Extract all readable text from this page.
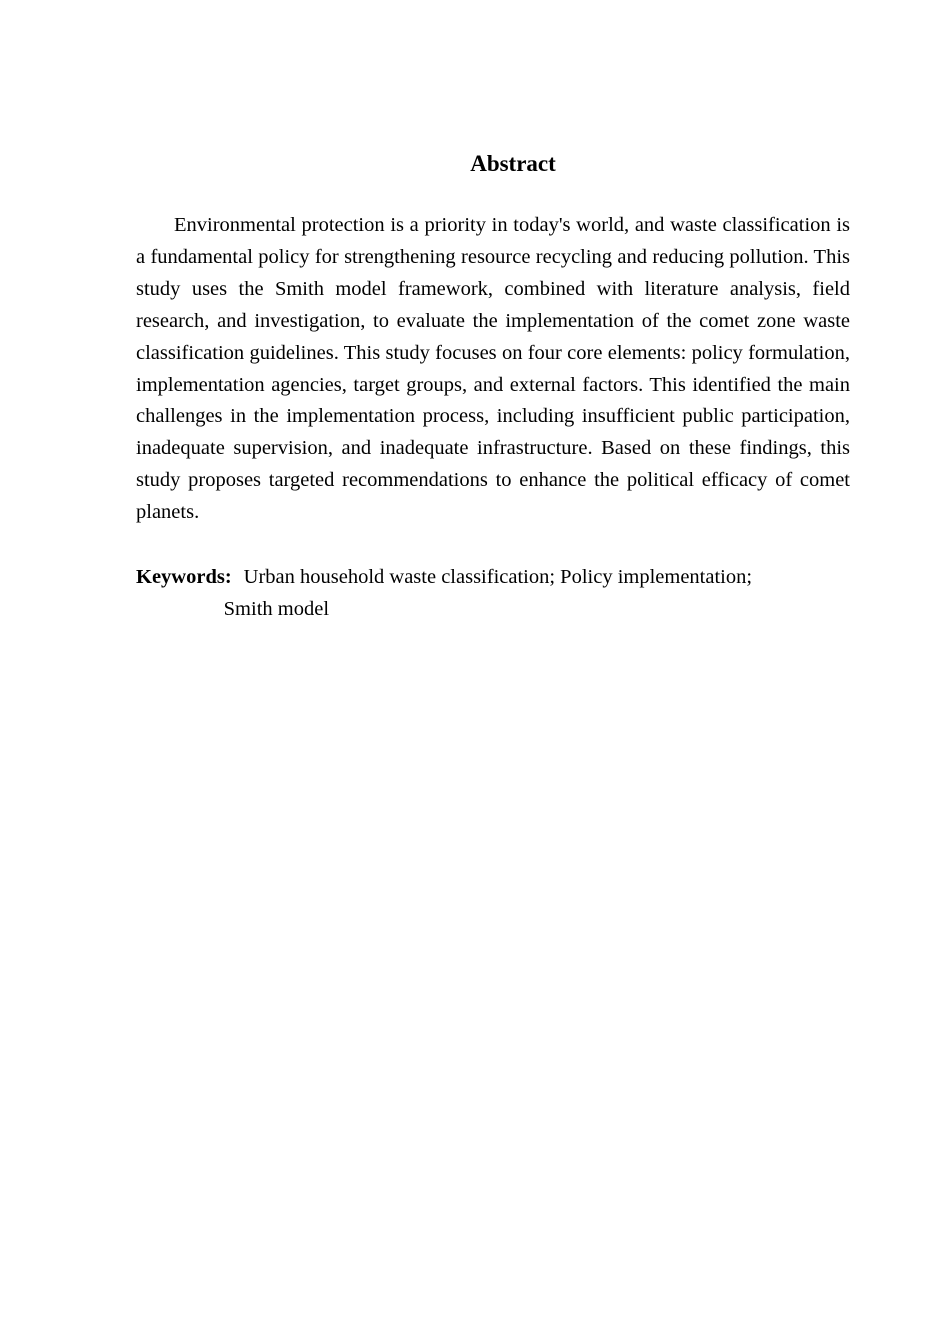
Abstract

Environmental protection is a priority in today's world, and waste classification is a fundamental policy for strengthening resource recycling and reducing pollution. This study uses the Smith model framework, combined with literature analysis, field research, and investigation, to evaluate the implementation of the comet zone waste classification guidelines. This study focuses on four core elements: policy formulation, implementation agencies, target groups, and external factors. This identified the main challenges in the implementation process, including insufficient public participation, inadequate supervision, and inadequate infrastructure. Based on these findings, this study proposes targeted recommendations to enhance the political efficacy of comet planets.

Keywords: Urban household waste classification; Policy implementation;
Smith model
